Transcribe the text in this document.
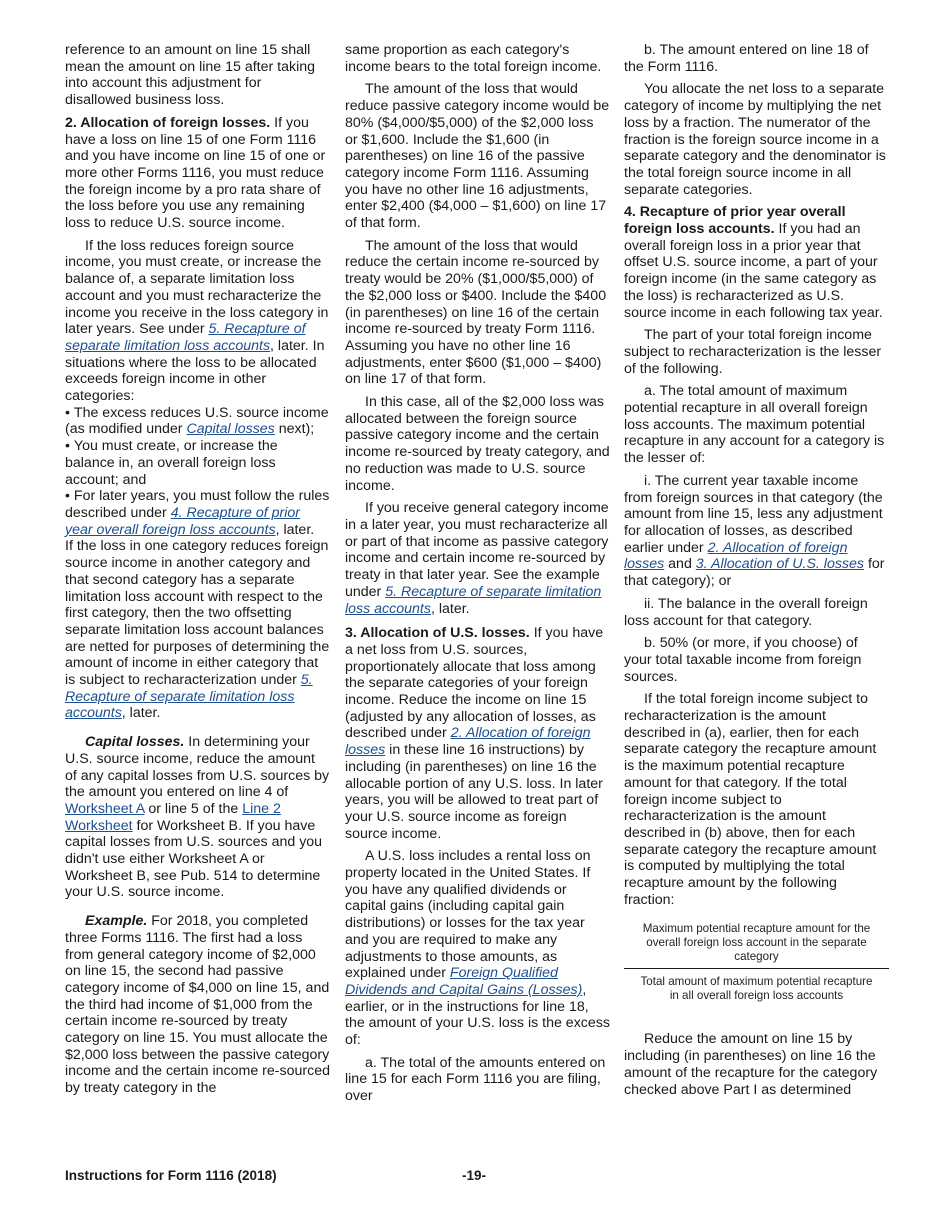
reference to an amount on line 15 shall mean the amount on line 15 after taking into account this adjustment for disallowed business loss.

2. Allocation of foreign losses. If you have a loss on line 15 of one Form 1116 and you have income on line 15 of one or more other Forms 1116, you must reduce the foreign income by a pro rata share of the loss before you use any remaining loss to reduce U.S. source income.

If the loss reduces foreign source income, you must create, or increase the balance of, a separate limitation loss account and you must recharacterize the income you receive in the loss category in later years. See under 5. Recapture of separate limitation loss accounts, later. In situations where the loss to be allocated exceeds foreign income in other categories:

• The excess reduces U.S. source income (as modified under Capital losses next);
• You must create, or increase the balance in, an overall foreign loss account; and
• For later years, you must follow the rules described under 4. Recapture of prior year overall foreign loss accounts, later.

If the loss in one category reduces foreign source income in another category and that second category has a separate limitation loss account with respect to the first category, then the two offsetting separate limitation loss account balances are netted for purposes of determining the amount of income in either category that is subject to recharacterization under 5. Recapture of separate limitation loss accounts, later.

Capital losses. In determining your U.S. source income, reduce the amount of any capital losses from U.S. sources by the amount you entered on line 4 of Worksheet A or line 5 of the Line 2 Worksheet for Worksheet B. If you have capital losses from U.S. sources and you didn't use either Worksheet A or Worksheet B, see Pub. 514 to determine your U.S. source income.

Example. For 2018, you completed three Forms 1116. The first had a loss from general category income of $2,000 on line 15, the second had passive category income of $4,000 on line 15, and the third had income of $1,000 from the certain income re-sourced by treaty category on line 15. You must allocate the $2,000 loss between the passive category income and the certain income re-sourced by treaty category in the

same proportion as each category's income bears to the total foreign income.

The amount of the loss that would reduce passive category income would be 80% ($4,000/$5,000) of the $2,000 loss or $1,600. Include the $1,600 (in parentheses) on line 16 of the passive category income Form 1116. Assuming you have no other line 16 adjustments, enter $2,400 ($4,000 – $1,600) on line 17 of that form.

The amount of the loss that would reduce the certain income re-sourced by treaty would be 20% ($1,000/$5,000) of the $2,000 loss or $400. Include the $400 (in parentheses) on line 16 of the certain income re-sourced by treaty Form 1116. Assuming you have no other line 16 adjustments, enter $600 ($1,000 – $400) on line 17 of that form.

In this case, all of the $2,000 loss was allocated between the foreign source passive category income and the certain income re-sourced by treaty category, and no reduction was made to U.S. source income.

If you receive general category income in a later year, you must recharacterize all or part of that income as passive category income and certain income re-sourced by treaty in that later year. See the example under 5. Recapture of separate limitation loss accounts, later.

3. Allocation of U.S. losses. If you have a net loss from U.S. sources, proportionately allocate that loss among the separate categories of your foreign income. Reduce the income on line 15 (adjusted by any allocation of losses, as described under 2. Allocation of foreign losses in these line 16 instructions) by including (in parentheses) on line 16 the allocable portion of any U.S. loss. In later years, you will be allowed to treat part of your U.S. source income as foreign source income.

A U.S. loss includes a rental loss on property located in the United States. If you have any qualified dividends or capital gains (including capital gain distributions) or losses for the tax year and you are required to make any adjustments to those amounts, as explained under Foreign Qualified Dividends and Capital Gains (Losses), earlier, or in the instructions for line 18, the amount of your U.S. loss is the excess of:

a. The total of the amounts entered on line 15 for each Form 1116 you are filing, over

b. The amount entered on line 18 of the Form 1116.

You allocate the net loss to a separate category of income by multiplying the net loss by a fraction. The numerator of the fraction is the foreign source income in a separate category and the denominator is the total foreign source income in all separate categories.

4. Recapture of prior year overall foreign loss accounts. If you had an overall foreign loss in a prior year that offset U.S. source income, a part of your foreign income (in the same category as the loss) is recharacterized as U.S. source income in each following tax year.

The part of your total foreign income subject to recharacterization is the lesser of the following.

a. The total amount of maximum potential recapture in all overall foreign loss accounts. The maximum potential recapture in any account for a category is the lesser of:

i. The current year taxable income from foreign sources in that category (the amount from line 15, less any adjustment for allocation of losses, as described earlier under 2. Allocation of foreign losses and 3. Allocation of U.S. losses for that category); or

ii. The balance in the overall foreign loss account for that category.

b. 50% (or more, if you choose) of your total taxable income from foreign sources.

If the total foreign income subject to recharacterization is the amount described in (a), earlier, then for each separate category the recapture amount is the maximum potential recapture amount for that category. If the total foreign income subject to recharacterization is the amount described in (b) above, then for each separate category the recapture amount is computed by multiplying the total recapture amount by the following fraction:

Maximum potential recapture amount for the overall foreign loss account in the separate category
Total amount of maximum potential recapture in all overall foreign loss accounts

Reduce the amount on line 15 by including (in parentheses) on line 16 the amount of the recapture for the category checked above Part I as determined

Instructions for Form 1116 (2018)	-19-
